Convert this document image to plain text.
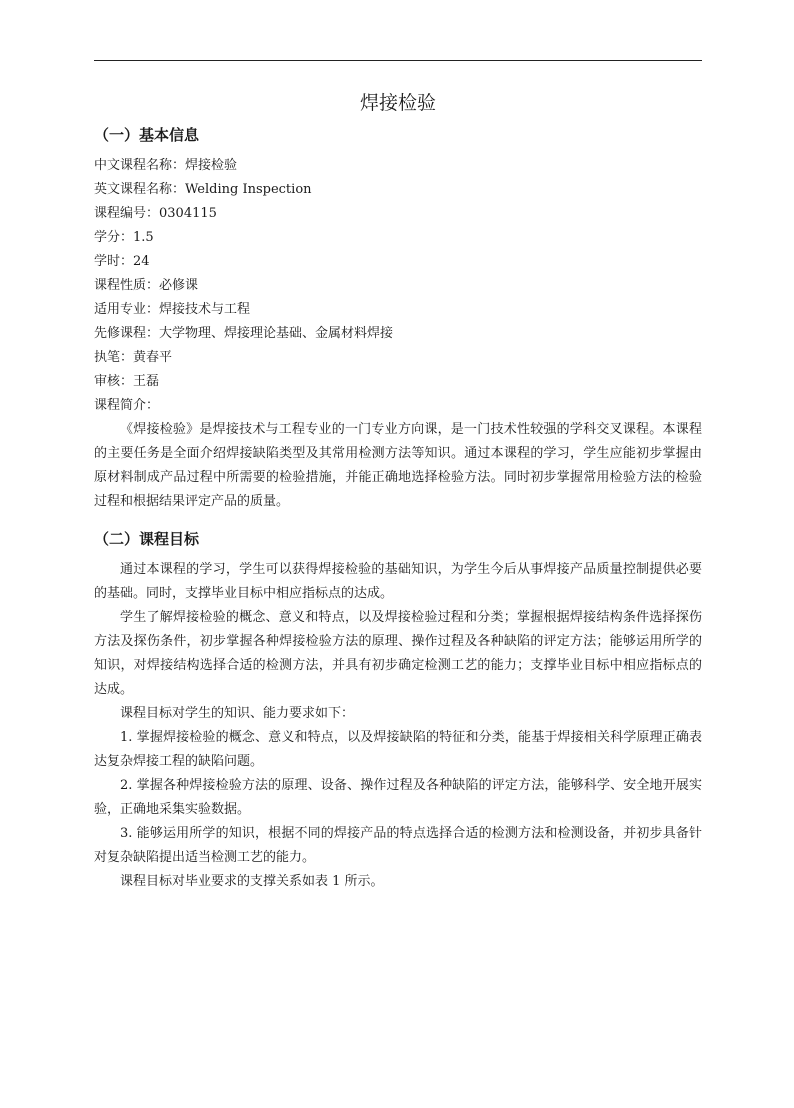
焊接检验
（一）基本信息

中文课程名称：焊接检验

英文课程名称：Welding Inspection

课程编号：0304115

学分：1.5

学时：24

课程性质：必修课

适用专业：焊接技术与工程

先修课程：大学物理、焊接理论基础、金属材料焊接

执笔：黄春平

审核：王磊

课程简介：

《焊接检验》是焊接技术与工程专业的一门专业方向课，是一门技术性较强的学科交叉课程。本课程的主要任务是全面介绍焊接缺陷类型及其常用检测方法等知识。通过本课程的学习，学生应能初步掌握由原材料制成产品过程中所需要的检验措施，并能正确地选择检验方法。同时初步掌握常用检验方法的检验过程和根据结果评定产品的质量。

（二）课程目标

通过本课程的学习，学生可以获得焊接检验的基础知识，为学生今后从事焊接产品质量控制提供必要的基础。同时，支撑毕业目标中相应指标点的达成。

学生了解焊接检验的概念、意义和特点，以及焊接检验过程和分类；掌握根据焊接结构条件选择探伤方法及探伤条件，初步掌握各种焊接检验方法的原理、操作过程及各种缺陷的评定方法；能够运用所学的知识，对焊接结构选择合适的检测方法，并具有初步确定检测工艺的能力；支撑毕业目标中相应指标点的达成。

课程目标对学生的知识、能力要求如下：

1. 掌握焊接检验的概念、意义和特点，以及焊接缺陷的特征和分类，能基于焊接相关科学原理正确表达复杂焊接工程的缺陷问题。

2. 掌握各种焊接检验方法的原理、设备、操作过程及各种缺陷的评定方法，能够科学、安全地开展实验，正确地采集实验数据。

3. 能够运用所学的知识，根据不同的焊接产品的特点选择合适的检测方法和检测设备，并初步具备针对复杂缺陷提出适当检测工艺的能力。

课程目标对毕业要求的支撑关系如表 1 所示。
